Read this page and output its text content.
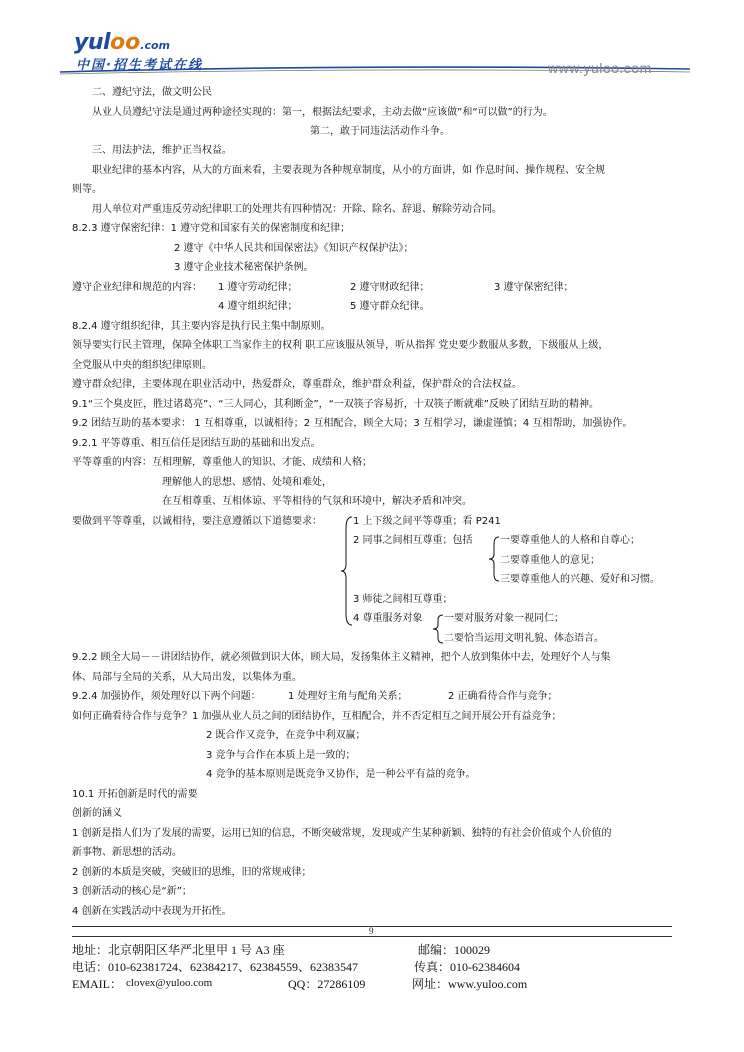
yuloo.com
中国·招生考试在线	www.yuloo.com
二、遵纪守法，做文明公民
从业人员遵纪守法是通过两种途径实现的：第一，根据法纪要求，主动去做“应该做”和“可以做”的行为。
第二，敢于同违法活动作斗争。
三、用法护法，维护正当权益。
职业纪律的基本内容，从大的方面来看，主要表现为各种规章制度，从小的方面讲，如 作息时间、操作规程、安全规
则等。
用人单位对严重违反劳动纪律职工的处理共有四种情况：开除、除名、辞退、解除劳动合同。
8.2.3 遵守保密纪律：1 遵守党和国家有关的保密制度和纪律；
2 遵守《中华人民共和国保密法》《知识产权保护法》；
3 遵守企业技术秘密保护条例。
遵守企业纪律和规范的内容： 1 遵守劳动纪律；	2 遵守财政纪律；	3 遵守保密纪律；
4 遵守组织纪律；	5 遵守群众纪律。
8.2.4 遵守组织纪律，其主要内容是执行民主集中制原则。
领导要实行民主管理，保障全体职工当家作主的权利 职工应该服从领导，听从指挥 党史要少数服从多数，下级服从上级，
全党服从中央的组织纪律原则。
遵守群众纪律，主要体现在职业活动中，热爱群众，尊重群众，维护群众利益，保护群众的合法权益。
9.1“三个臭皮匠，胜过诸葛亮”、“三人同心，其利断金”，“一双筷子容易折，十双筷子断就难”反映了团结互助的精神。
9.2 团结互助的基本要求： 1 互相尊重，以诚相待；2 互相配合，顾全大局；3 互相学习，谦虚谨慎；4 互相帮助，加强协作。
9.2.1 平等尊重、相互信任是团结互助的基础和出发点。
平等尊重的内容：互相理解，尊重他人的知识、才能、成绩和人格；
理解他人的思想、感情、处境和难处，
在互相尊重、互相体谅、平等相待的气氛和环境中，解决矛盾和冲突。
要做到平等尊重，以诚相待，要注意遵循以下道德要求：	1 上下级之间平等尊重；看 P241
2 同事之间相互尊重；包括	一要尊重他人的人格和自尊心；
二要尊重他人的意见；
三要尊重他人的兴趣、爱好和习惯。
3 师徒之间相互尊重；
4 尊重服务对象 一要对服务对象一视同仁；
二要恰当运用文明礼貌、体态语言。
9.2.2 顾全大局－－讲团结协作，就必须做到识大体，顾大局，发扬集体主义精神，把个人放到集体中去，处理好个人与集
体、局部与全局的关系，从大局出发，以集体为重。
9.2.4 加强协作，须处理好以下两个问题：	1 处理好主角与配角关系；	2 正确看待合作与竞争；
如何正确看待合作与竞争？1 加强从业人员之间的团结协作，互相配合，并不否定相互之间开展公开有益竞争；
2 既合作又竞争，在竞争中利双赢；
3 竞争与合作在本质上是一致的；
4 竞争的基本原则是既竞争又协作，是一种公平有益的竞争。
10.1 开拓创新是时代的需要
创新的涵义
1 创新是指人们为了发展的需要，运用已知的信息，不断突破常规，发现或产生某种新颖、独特的有社会价值或个人价值的
新事物、新思想的活动。
2 创新的本质是突破，突破旧的思维，旧的常规戒律；
3 创新活动的核心是“新”；
4 创新在实践活动中表现为开拓性。
9
地址：北京朝阳区华严北里甲 1 号 A3 座	邮编：100029
电话：010-62381724、62384217、62384559、62383547	传真：010-62384604
EMAIL： clovex@yuloo.com	QQ：27286109	网址：www.yuloo.com
